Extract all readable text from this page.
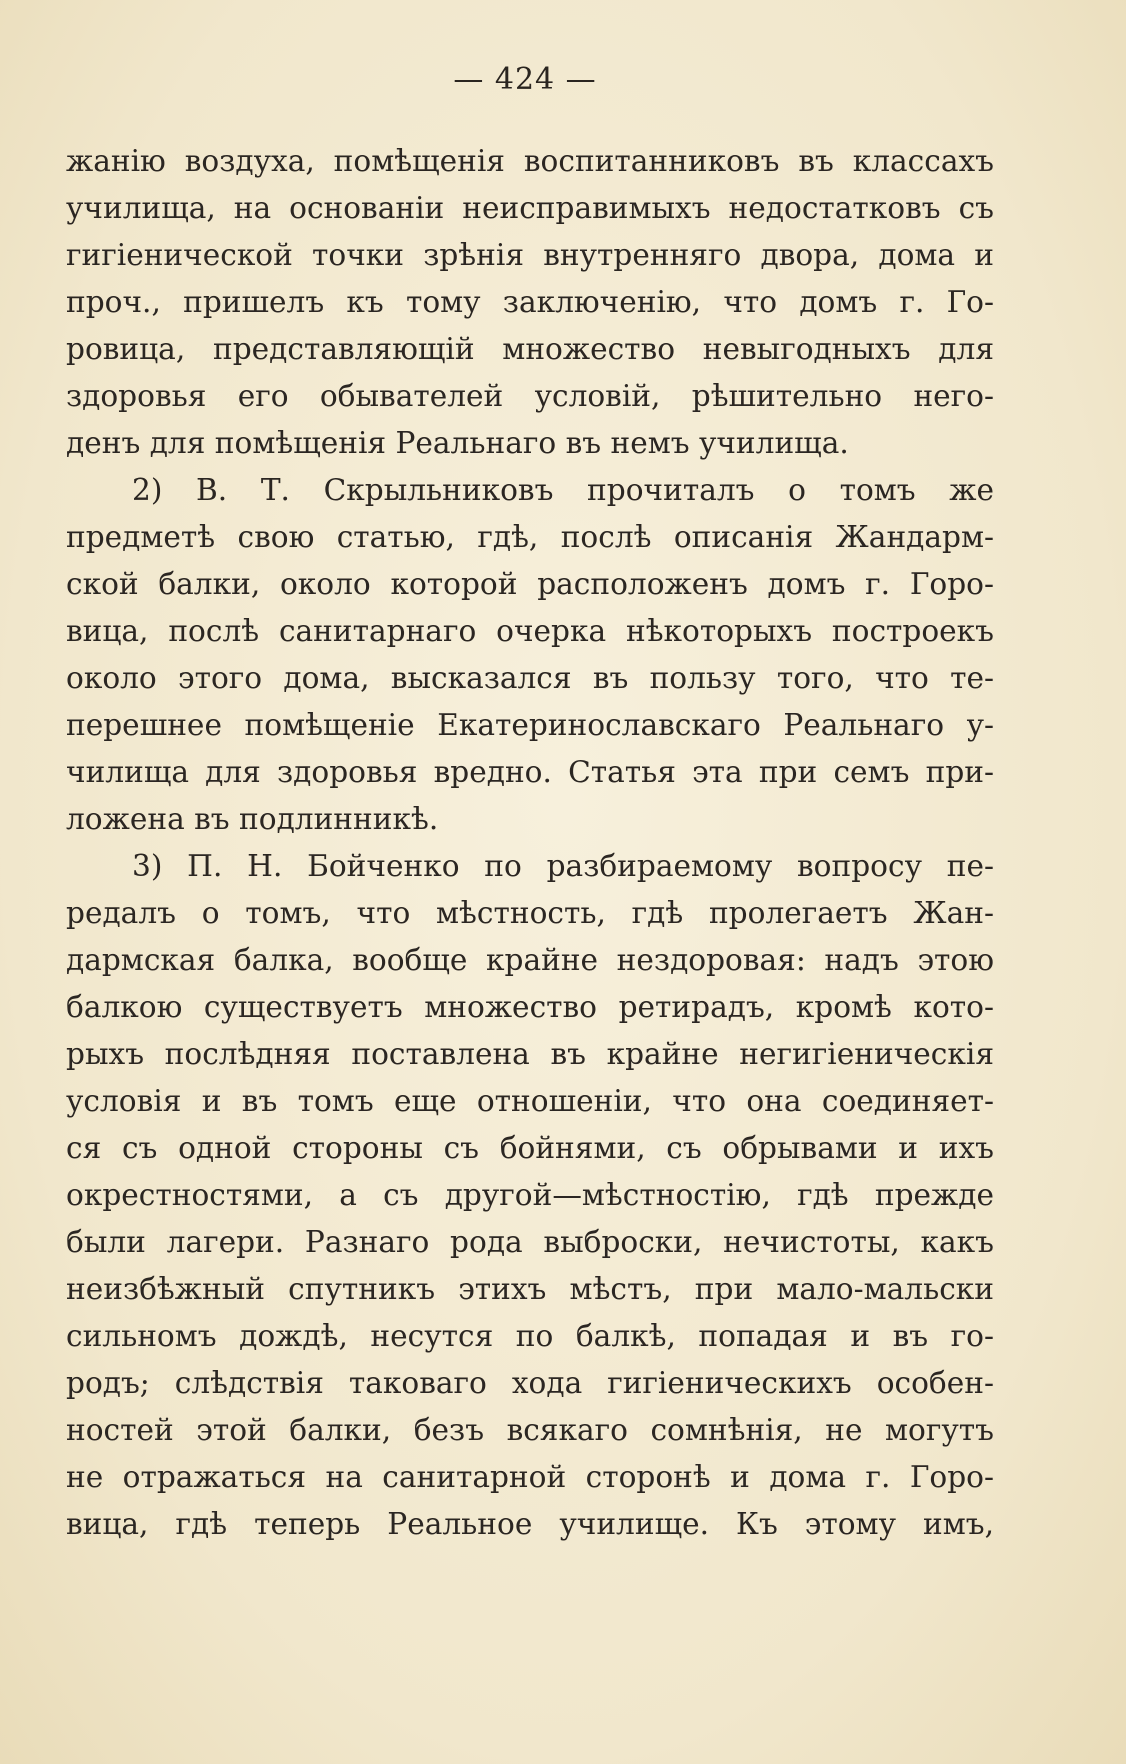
— 424 —
жанію воздуха, помѣщенія воспитанниковъ въ классахъ
училища, на основаніи неисправимыхъ недостатковъ съ
гигіенической точки зрѣнія внутренняго двора, дома и
проч., пришелъ къ тому заключенію, что домъ г. Го-
ровица, представляющій множество невыгодныхъ для
здоровья его обывателей условій, рѣшительно него-
денъ для помѣщенія Реальнаго въ немъ училища.
2) В. Т. Скрыльниковъ прочиталъ о томъ же
предметѣ свою статью, гдѣ, послѣ описанія Жандарм-
ской балки, около которой расположенъ домъ г. Горо-
вица, послѣ санитарнаго очерка нѣкоторыхъ построекъ
около этого дома, высказался въ пользу того, что те-
перешнее помѣщеніе Екатеринославскаго Реальнаго у-
чилища для здоровья вредно. Статья эта при семъ при-
ложена въ подлинникѣ.
3) П. Н. Бойченко по разбираемому вопросу пе-
редалъ о томъ, что мѣстность, гдѣ пролегаетъ Жан-
дармская балка, вообще крайне нездоровая: надъ этою
балкою существуетъ множество ретирадъ, кромѣ кото-
рыхъ послѣдняя поставлена въ крайне негигіеническія
условія и въ томъ еще отношеніи, что она соединяет-
ся съ одной стороны съ бойнями, съ обрывами и ихъ
окрестностями, а съ другой—мѣстностію, гдѣ прежде
были лагери. Разнаго рода выброски, нечистоты, какъ
неизбѣжный спутникъ этихъ мѣстъ, при мало-мальски
сильномъ дождѣ, несутся по балкѣ, попадая и въ го-
родъ; слѣдствія таковаго хода гигіеническихъ особен-
ностей этой балки, безъ всякаго сомнѣнія, не могутъ
не отражаться на санитарной сторонѣ и дома г. Горо-
вица, гдѣ теперь Реальное училище. Къ этому имъ,
